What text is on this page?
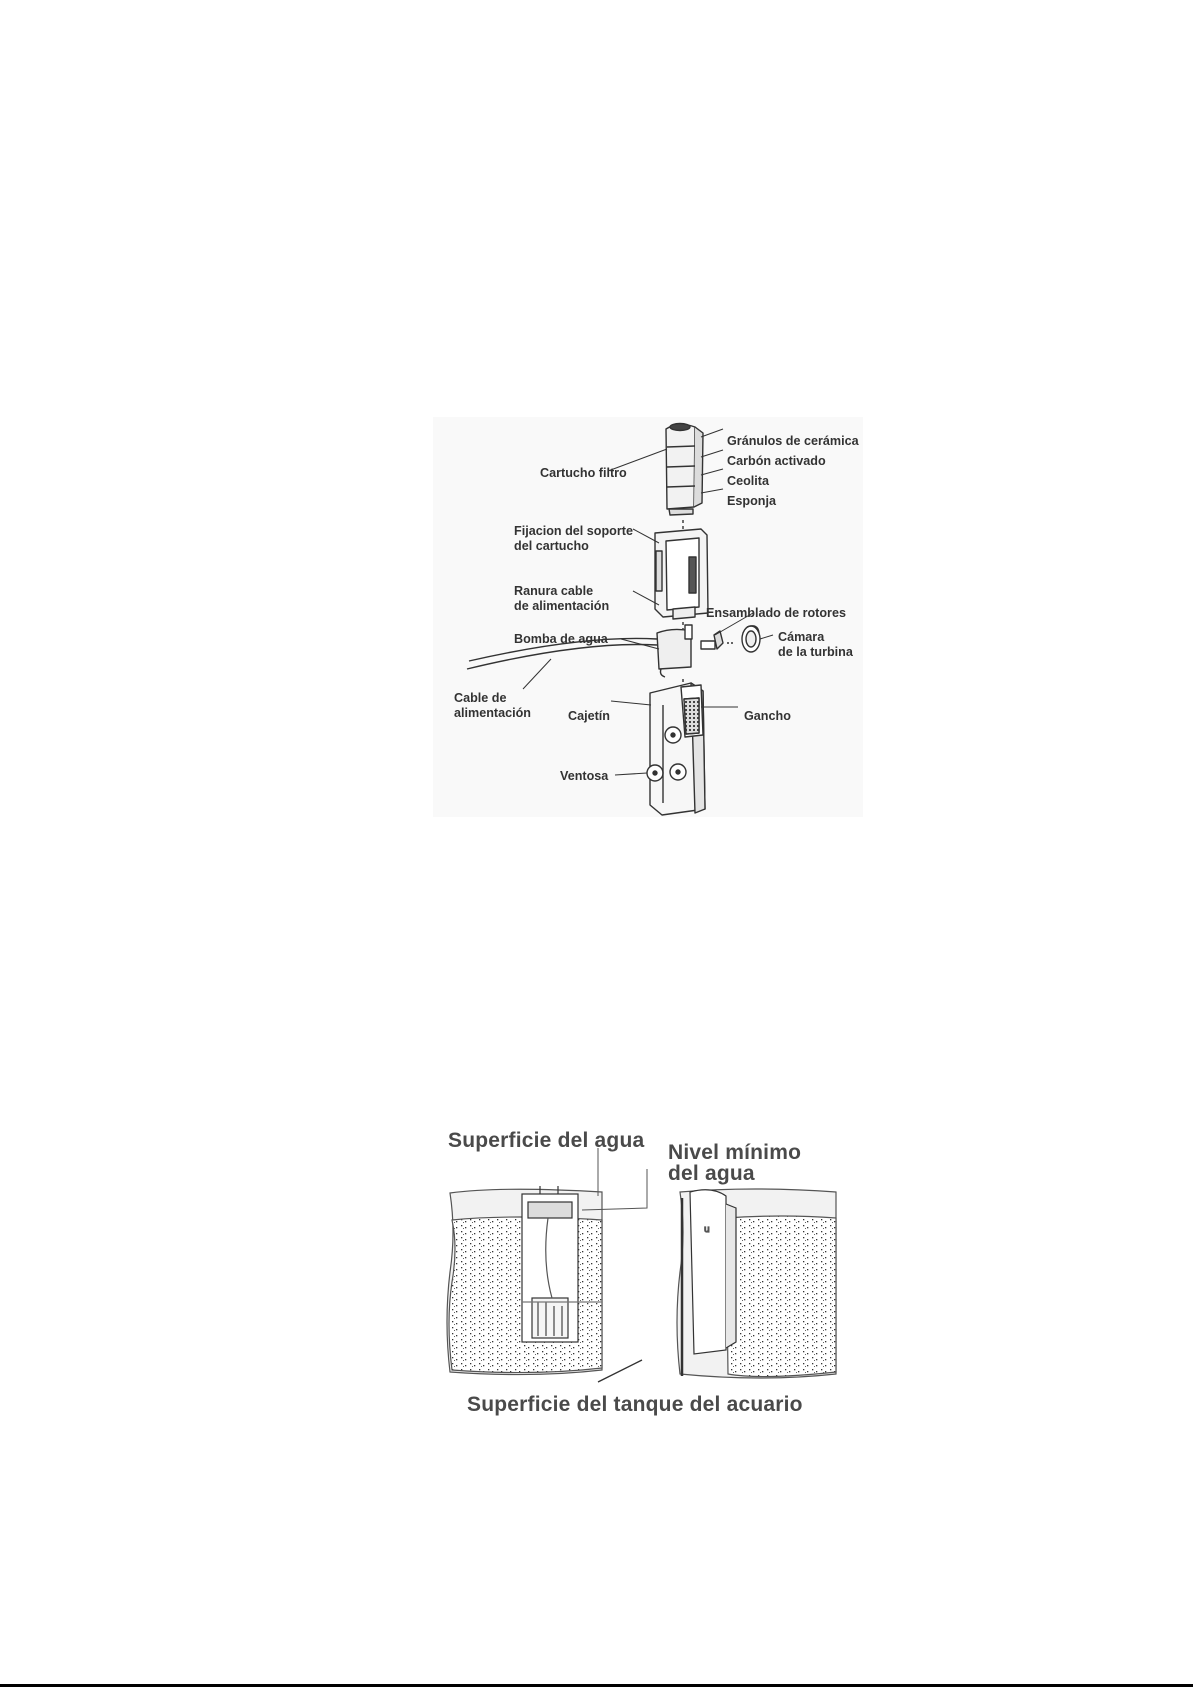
Gránulos de cerámica
Carbón activado
Ceolita
Esponja
Cartucho filtro
Fijacion del soporte
del cartucho
Ranura cable
de alimentación	Ensamblado de rotores
Bomba de agua	Cámara
de la turbina
Cable de
alimentación	Cajetín	Gancho
Ventosa
u
Superficie del agua
Nivel mínimo
del agua
Superficie del tanque del acuario
